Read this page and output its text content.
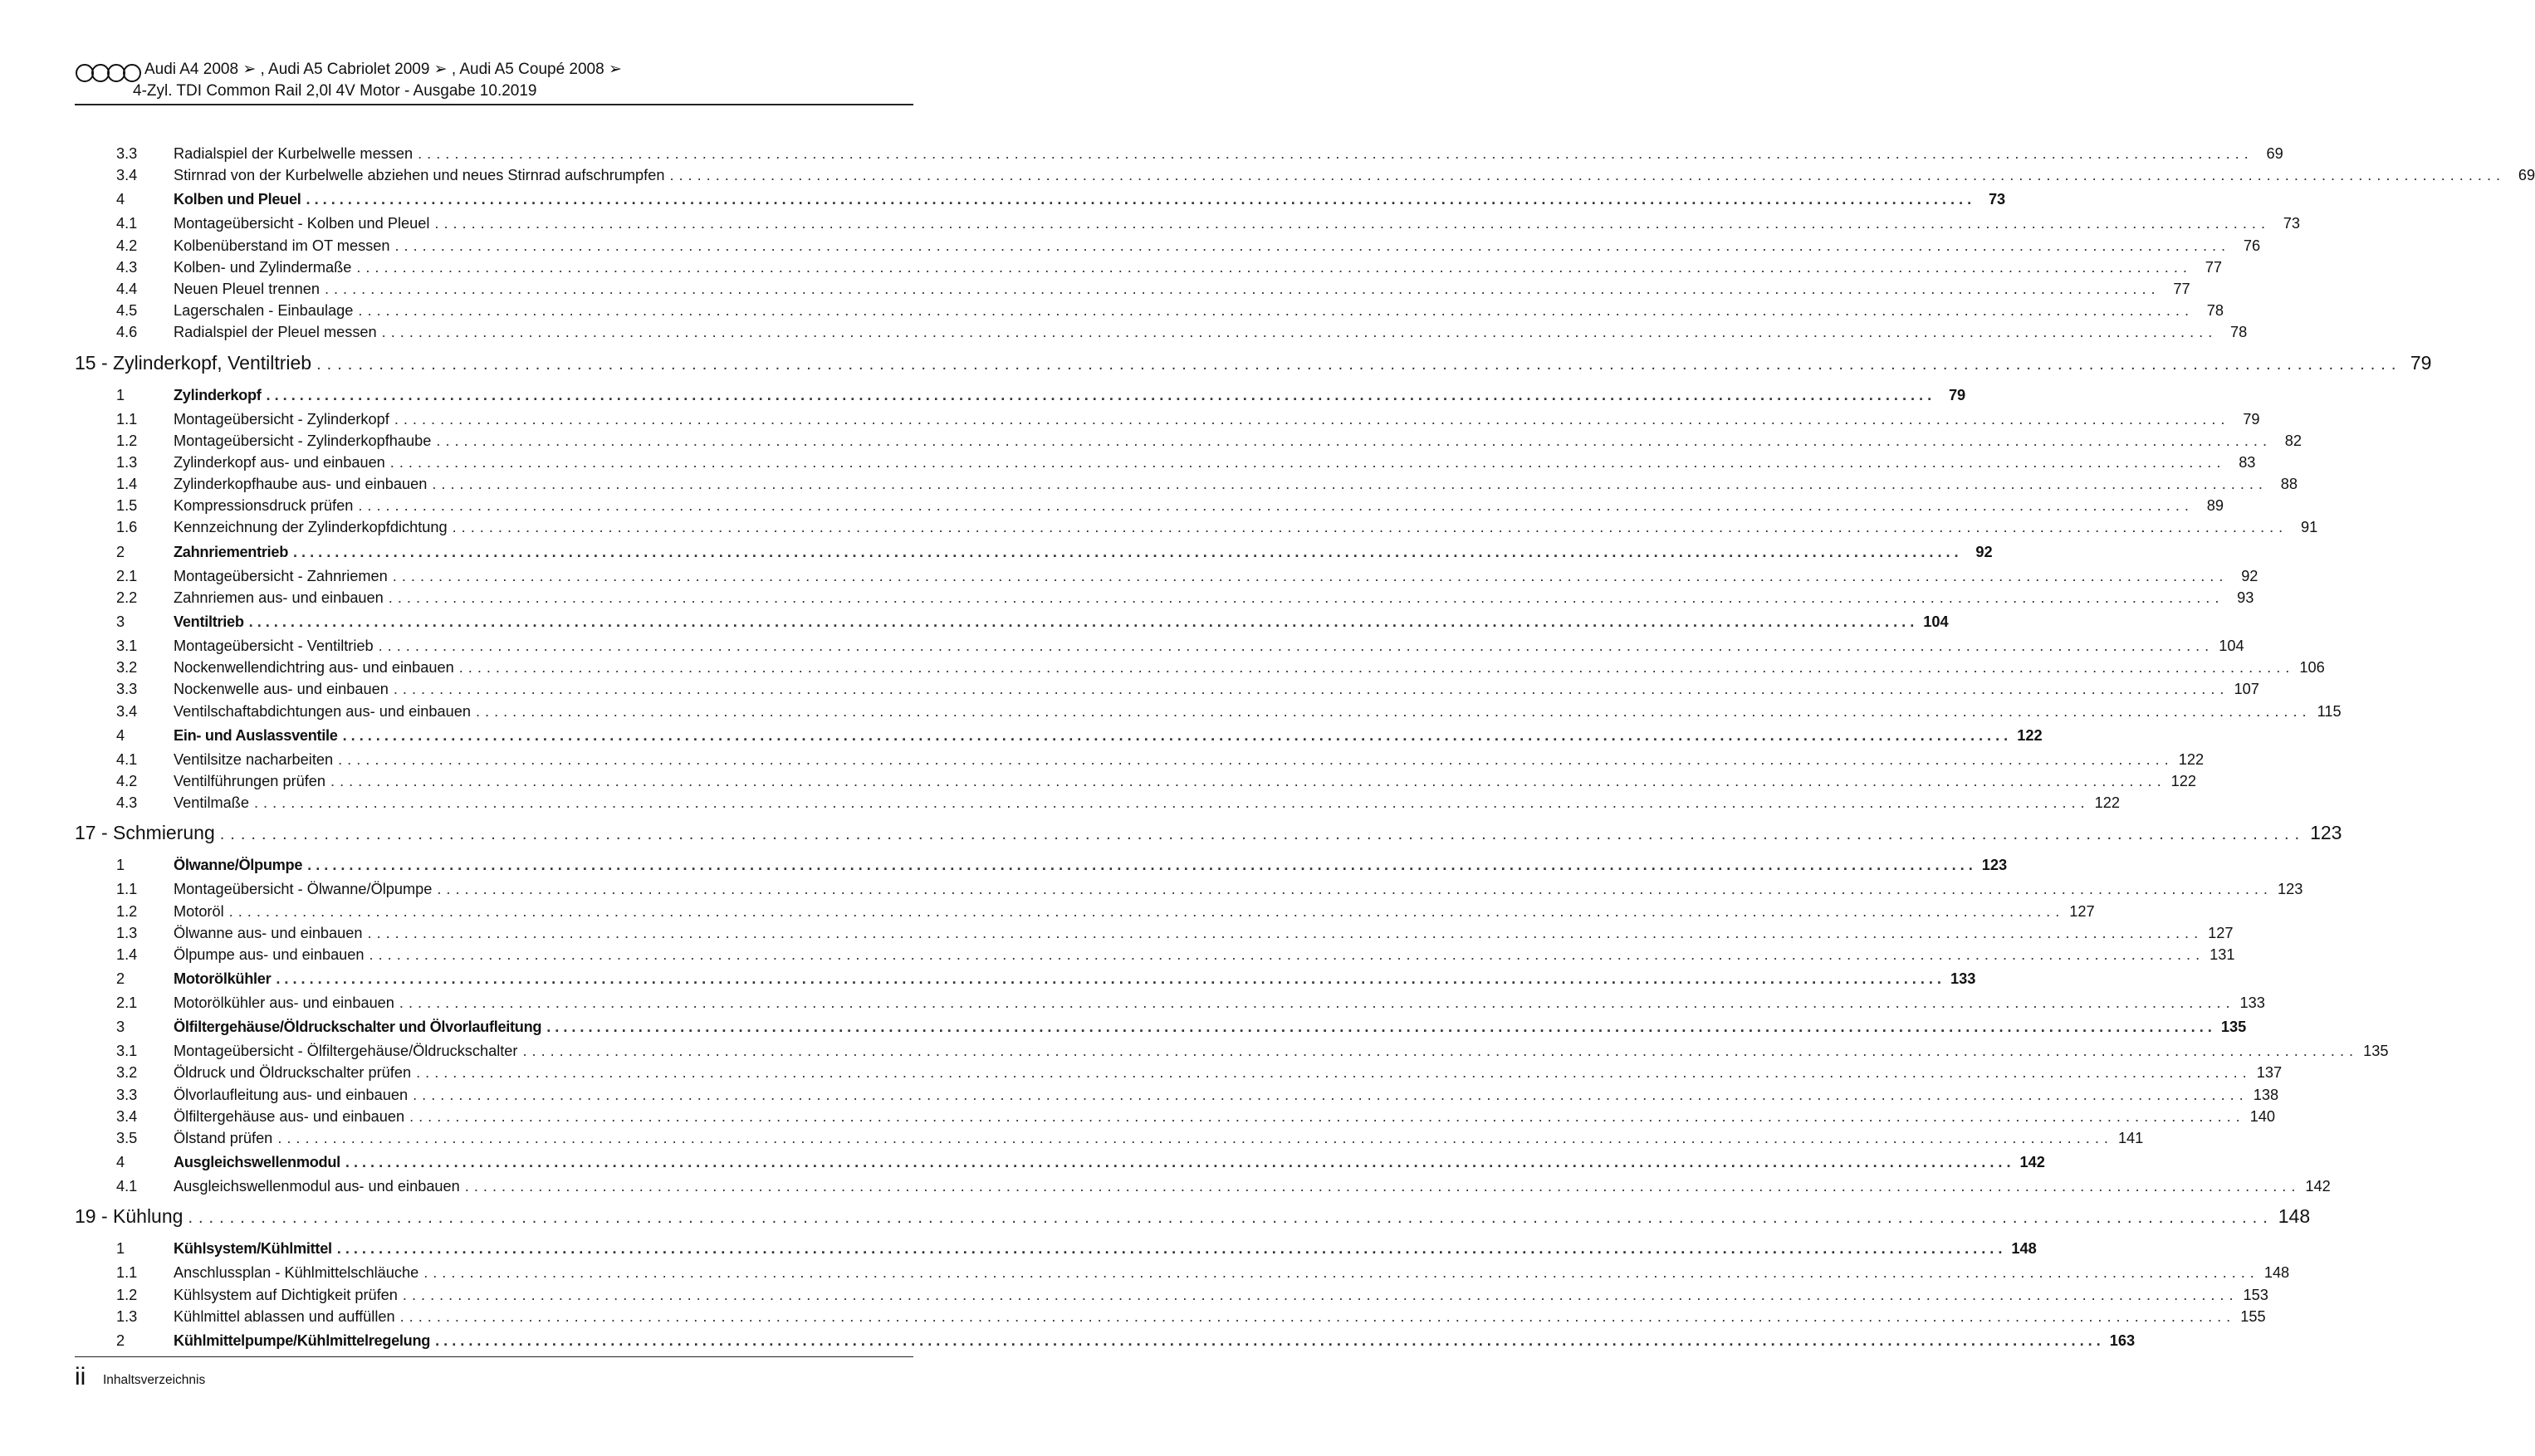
Audi A4 2008 ➢ , Audi A5 Cabriolet 2009 ➢ , Audi A5 Coupé 2008 ➢
4-Zyl. TDI Common Rail 2,0l 4V Motor - Ausgabe 10.2019
3.3	Radialspiel der Kurbelwelle messen ........................................................................................................................................................................................................ 69
3.4	Stirnrad von der Kurbelwelle abziehen und neues Stirnrad aufschrumpfen ........................................................................................................................................................................................................ 69
4	Kolben und Pleuel ........................................................................................................................................................................................................ 73
4.1	Montageübersicht - Kolben und Pleuel ........................................................................................................................................................................................................ 73
4.2	Kolbenüberstand im OT messen ........................................................................................................................................................................................................ 76
4.3	Kolben- und Zylindermaße ........................................................................................................................................................................................................ 77
4.4	Neuen Pleuel trennen ........................................................................................................................................................................................................ 77
4.5	Lagerschalen - Einbaulage ........................................................................................................................................................................................................ 78
4.6	Radialspiel der Pleuel messen ........................................................................................................................................................................................................ 78
15 - Zylinderkopf, Ventiltrieb ........................................................................................................................................................................................................ 79
1	Zylinderkopf ........................................................................................................................................................................................................ 79
1.1	Montageübersicht - Zylinderkopf ........................................................................................................................................................................................................ 79
1.2	Montageübersicht - Zylinderkopfhaube ........................................................................................................................................................................................................ 82
1.3	Zylinderkopf aus- und einbauen ........................................................................................................................................................................................................ 83
1.4	Zylinderkopfhaube aus- und einbauen ........................................................................................................................................................................................................ 88
1.5	Kompressionsdruck prüfen ........................................................................................................................................................................................................ 89
1.6	Kennzeichnung der Zylinderkopfdichtung ........................................................................................................................................................................................................ 91
2	Zahnriementrieb ........................................................................................................................................................................................................ 92
2.1	Montageübersicht - Zahnriemen ........................................................................................................................................................................................................ 92
2.2	Zahnriemen aus- und einbauen ........................................................................................................................................................................................................ 93
3	Ventiltrieb ........................................................................................................................................................................................................ 104
3.1	Montageübersicht - Ventiltrieb ........................................................................................................................................................................................................ 104
3.2	Nockenwellendichtring aus- und einbauen ........................................................................................................................................................................................................ 106
3.3	Nockenwelle aus- und einbauen ........................................................................................................................................................................................................ 107
3.4	Ventilschaftabdichtungen aus- und einbauen ........................................................................................................................................................................................................ 115
4	Ein- und Auslassventile ........................................................................................................................................................................................................ 122
4.1	Ventilsitze nacharbeiten ........................................................................................................................................................................................................ 122
4.2	Ventilführungen prüfen ........................................................................................................................................................................................................ 122
4.3	Ventilmaße ........................................................................................................................................................................................................ 122
17 - Schmierung ........................................................................................................................................................................................................ 123
1	Ölwanne/Ölpumpe ........................................................................................................................................................................................................ 123
1.1	Montageübersicht - Ölwanne/Ölpumpe ........................................................................................................................................................................................................ 123
1.2	Motoröl ........................................................................................................................................................................................................ 127
1.3	Ölwanne aus- und einbauen ........................................................................................................................................................................................................ 127
1.4	Ölpumpe aus- und einbauen ........................................................................................................................................................................................................ 131
2	Motorölkühler ........................................................................................................................................................................................................ 133
2.1	Motorölkühler aus- und einbauen ........................................................................................................................................................................................................ 133
3	Ölfiltergehäuse/Öldruckschalter und Ölvorlaufleitung ........................................................................................................................................................................................................ 135
3.1	Montageübersicht - Ölfiltergehäuse/Öldruckschalter ........................................................................................................................................................................................................ 135
3.2	Öldruck und Öldruckschalter prüfen ........................................................................................................................................................................................................ 137
3.3	Ölvorlaufleitung aus- und einbauen ........................................................................................................................................................................................................ 138
3.4	Ölfiltergehäuse aus- und einbauen ........................................................................................................................................................................................................ 140
3.5	Ölstand prüfen ........................................................................................................................................................................................................ 141
4	Ausgleichswellenmodul ........................................................................................................................................................................................................ 142
4.1	Ausgleichswellenmodul aus- und einbauen ........................................................................................................................................................................................................ 142
19 - Kühlung ........................................................................................................................................................................................................ 148
1	Kühlsystem/Kühlmittel ........................................................................................................................................................................................................ 148
1.1	Anschlussplan - Kühlmittelschläuche ........................................................................................................................................................................................................ 148
1.2	Kühlsystem auf Dichtigkeit prüfen ........................................................................................................................................................................................................ 153
1.3	Kühlmittel ablassen und auffüllen ........................................................................................................................................................................................................ 155
2	Kühlmittelpumpe/Kühlmittelregelung ........................................................................................................................................................................................................ 163
ii Inhaltsverzeichnis
